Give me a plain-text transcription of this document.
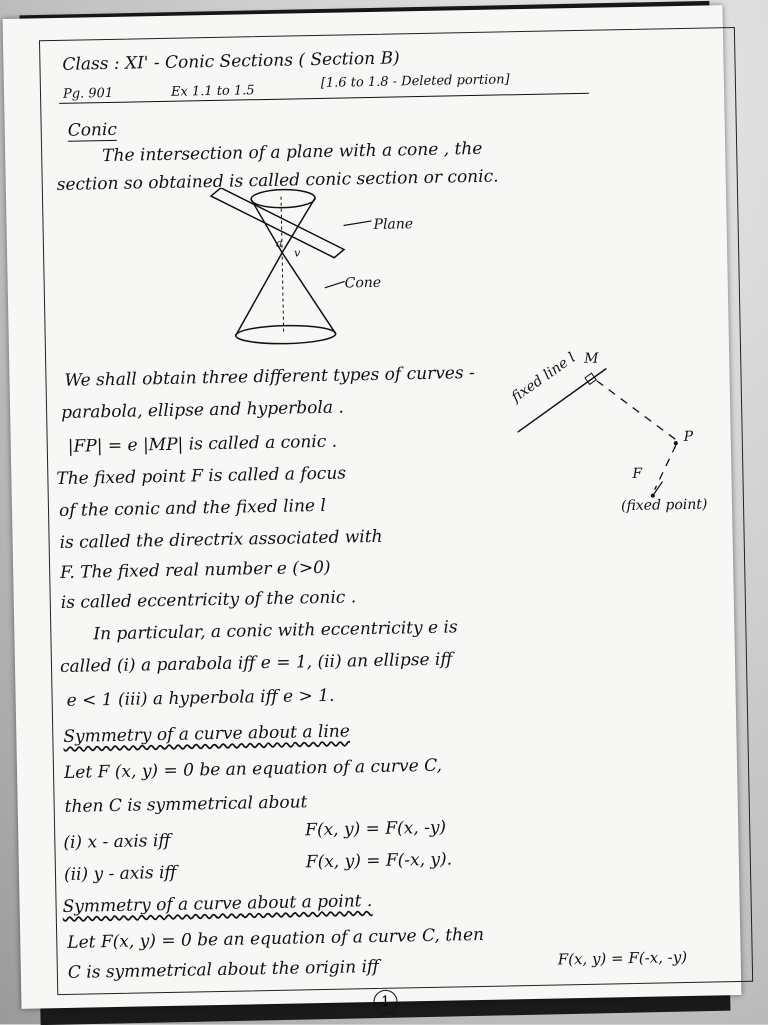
Class : XI' - Conic Sections ( Section B)
Pg. 901	Ex 1.1 to 1.5
[1.6 to 1.8 - Deleted portion]
Conic
The intersection of a plane with a cone , the
section so obtained is called conic section or conic.
Plane
Cone
a
v
fixed line l M
P
F
(fixed point)
We shall obtain three different types of curves -
parabola, ellipse and hyperbola .
|FP| = e |MP| is called a conic .
The fixed point F is called a focus
of the conic and the fixed line l
is called the directrix associated with
F. The fixed real number e (>0)
is called eccentricity of the conic .
In particular, a conic with eccentricity e is
called (i) a parabola iff e = 1, (ii) an ellipse iff
e < 1 (iii) a hyperbola iff e > 1.
Symmetry of a curve about a line
Let F (x, y) = 0 be an equation of a curve C,
then C is symmetrical about
(i) x - axis iff
F(x, y) = F(x, -y)
(ii) y - axis iff
F(x, y) = F(-x, y).
Symmetry of a curve about a point .
Let F(x, y) = 0 be an equation of a curve C, then
C is symmetrical about the origin iff	F(x, y) = F(-x, -y)
1
